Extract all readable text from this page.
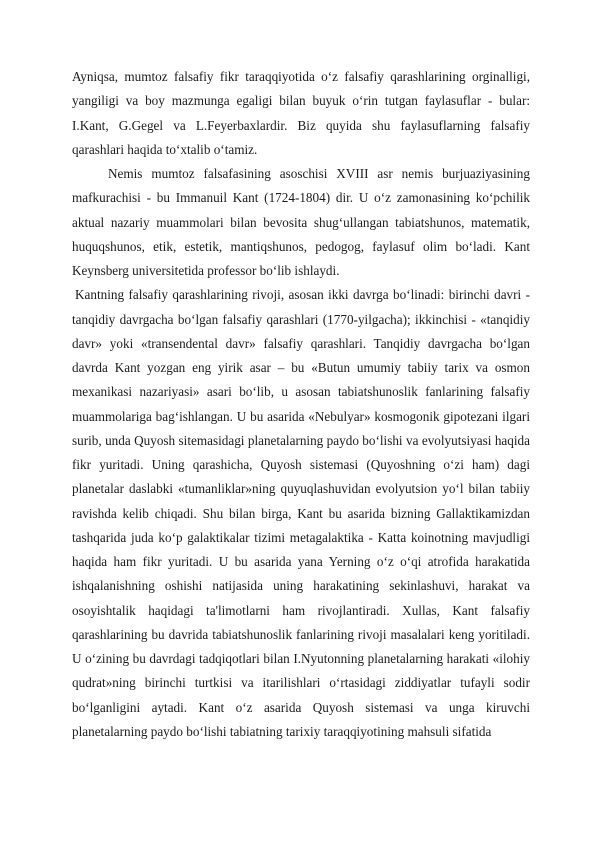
Ayniqsa, mumtoz falsafiy fikr taraqqiyotida o‘z falsafiy qarashlarining orginalligi, yangiligi va boy mazmunga egaligi bilan buyuk o‘rin tutgan faylasuflar - bular: I.Kant, G.Gegel va L.Feyerbaxlardir. Biz quyida shu faylasuflarning falsafiy qarashlari haqida to‘xtalib o‘tamiz.

Nemis mumtoz falsafasining asoschisi XVIII asr nemis burjuaziyasining mafkurachisi - bu Immanuil Kant (1724-1804) dir. U o‘z zamonasining ko‘pchilik aktual nazariy muammolari bilan bevosita shug‘ullangan tabiatshunos, matematik, huquqshunos, etik, estetik, mantiqshunos, pedogog, faylasuf olim bo‘ladi. Kant Keynsberg universitetida professor bo‘lib ishlaydi.

Kantning falsafiy qarashlarining rivoji, asosan ikki davrga bo‘linadi: birinchi davri - tanqidiy davrgacha bo‘lgan falsafiy qarashlari (1770-yilgacha); ikkinchisi - «tanqidiy davr» yoki «transendental davr» falsafiy qarashlari. Tanqidiy davrgacha bo‘lgan davrda Kant yozgan eng yirik asar – bu «Butun umumiy tabiiy tarix va osmon mexanikasi nazariyasi» asari bo‘lib, u asosan tabiatshunoslik fanlarining falsafiy muammolariga bag‘ishlangan. U bu asarida «Nebulyar» kosmogonik gipotezani ilgari surib, unda Quyosh sitemasidagi planetalarning paydo bo‘lishi va evolyutsiyasi haqida fikr yuritadi. Uning qarashicha, Quyosh sistemasi (Quyoshning o‘zi ham) dagi planetalar daslabki «tumanliklar»ning quyuqlashuvidan evolyutsion yo‘l bilan tabiiy ravishda kelib chiqadi. Shu bilan birga, Kant bu asarida bizning Gallaktikamizdan tashqarida juda ko‘p galaktikalar tizimi metagalaktika - Katta koinotning mavjudligi haqida ham fikr yuritadi. U bu asarida yana Yerning o‘z o‘qi atrofida harakatida ishqalanishning oshishi natijasida uning harakatining sekinlashuvi, harakat va osoyishtalik haqidagi ta'limotlarni ham rivojlantiradi. Xullas, Kant falsafiy qarashlarining bu davrida tabiatshunoslik fanlarining rivoji masalalari keng yoritiladi. U o‘zining bu davrdagi tadqiqotlari bilan I.Nyutonning planetalarning harakati «ilohiy qudrat»ning birinchi turtkisi va itarilishlari o‘rtasidagi ziddiyatlar tufayli sodir bo‘lganligini aytadi. Kant o‘z asarida Quyosh sistemasi va unga kiruvchi planetalarning paydo bo‘lishi tabiatning tarixiy taraqqiyotining mahsuli sifatida
